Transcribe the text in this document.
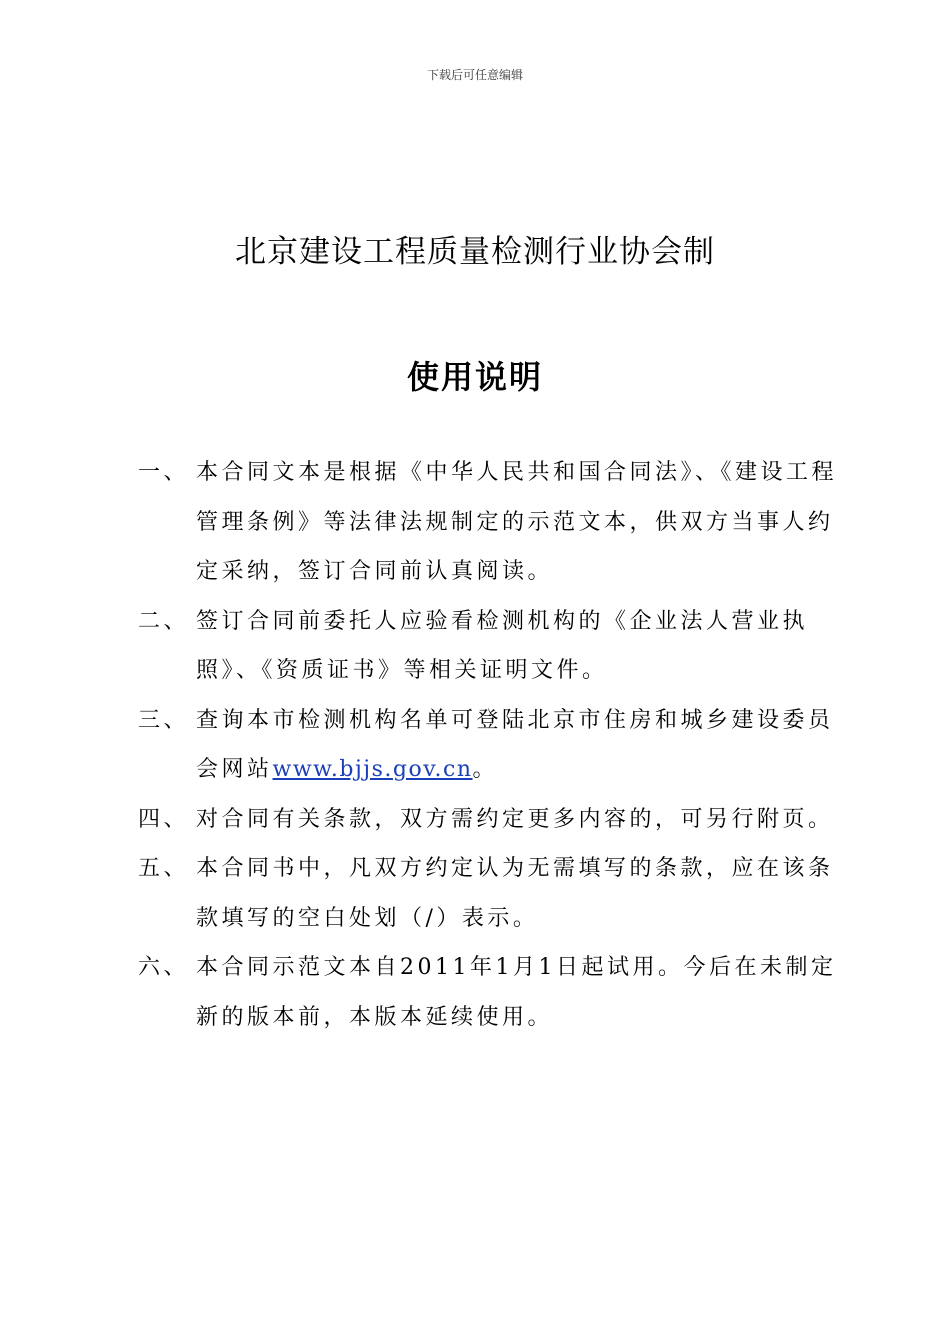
下载后可任意编辑
北京建设工程质量检测行业协会制
使用说明
一、 本合同文本是根据《中华人民共和国合同法》、《建设工程管理条例》等法律法规制定的示范文本，供双方当事人约定采纳，签订合同前认真阅读。
二、 签订合同前委托人应验看检测机构的《企业法人营业执照》、《资质证书》等相关证明文件。
三、 查询本市检测机构名单可登陆北京市住房和城乡建设委员会网站www.bjjs.gov.cn。
四、 对合同有关条款，双方需约定更多内容的，可另行附页。
五、 本合同书中，凡双方约定认为无需填写的条款，应在该条款填写的空白处划（/）表示。
六、 本合同示范文本自2011年1月1日起试用。今后在未制定新的版本前，本版本延续使用。
